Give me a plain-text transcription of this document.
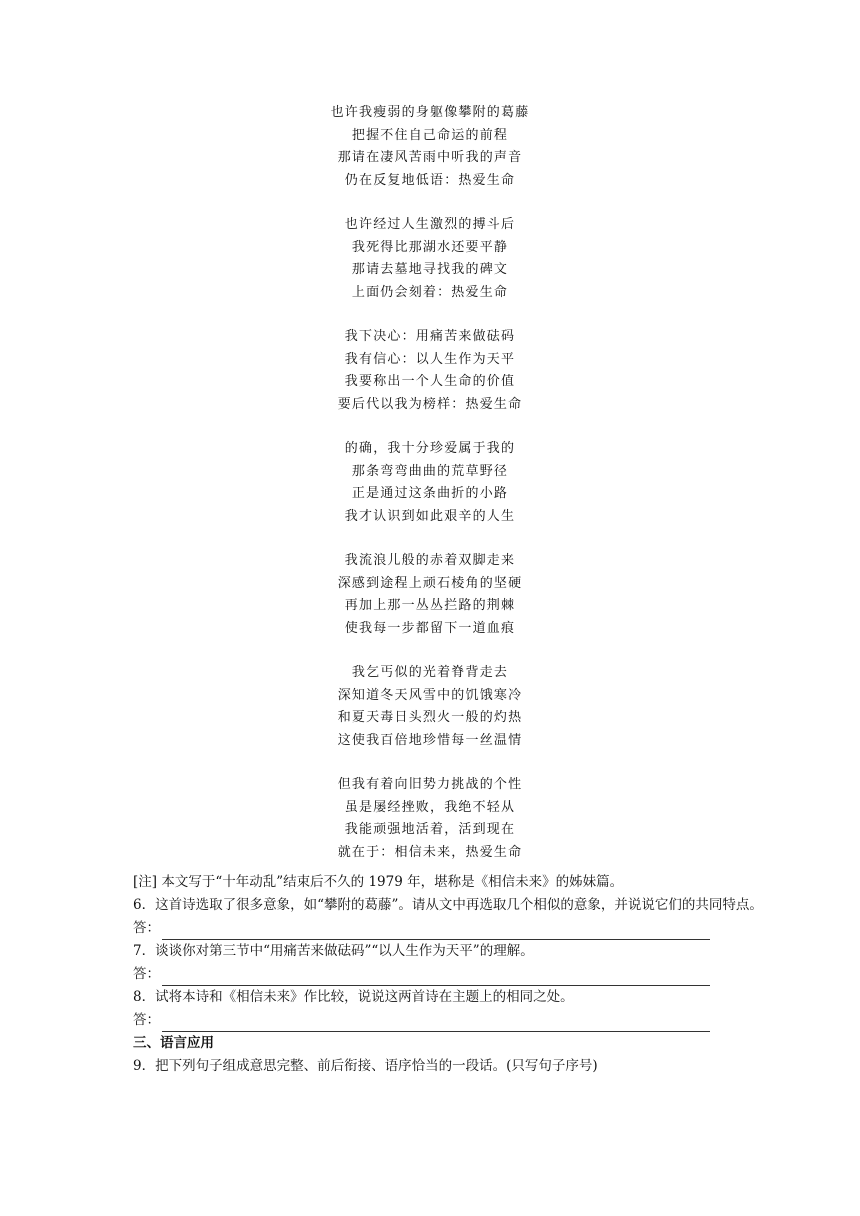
也许我瘦弱的身躯像攀附的葛藤
把握不住自己命运的前程
那请在凄风苦雨中听我的声音
仍在反复地低语：热爱生命
也许经过人生激烈的搏斗后
我死得比那湖水还要平静
那请去墓地寻找我的碑文
上面仍会刻着：热爱生命
我下决心：用痛苦来做砝码
我有信心：以人生作为天平
我要称出一个人生命的价值
要后代以我为榜样：热爱生命
的确，我十分珍爱属于我的
那条弯弯曲曲的荒草野径
正是通过这条曲折的小路
我才认识到如此艰辛的人生
我流浪儿般的赤着双脚走来
深感到途程上顽石棱角的坚硬
再加上那一丛丛拦路的荆棘
使我每一步都留下一道血痕
我乞丐似的光着脊背走去
深知道冬天风雪中的饥饿寒冷
和夏天毒日头烈火一般的灼热
这使我百倍地珍惜每一丝温情
但我有着向旧势力挑战的个性
虽是屡经挫败，我绝不轻从
我能顽强地活着，活到现在
就在于：相信未来，热爱生命
[注] 本文写于“十年动乱”结束后不久的 1979 年，堪称是《相信未来》的姊妹篇。
6．这首诗选取了很多意象，如“攀附的葛藤”。请从文中再选取几个相似的意象，并说说它们的共同特点。
答：
7．谈谈你对第三节中“用痛苦来做砝码”“以人生作为天平”的理解。
答：
8．试将本诗和《相信未来》作比较，说说这两首诗在主题上的相同之处。
答：
三、语言应用
9．把下列句子组成意思完整、前后衔接、语序恰当的一段话。(只写句子序号)
